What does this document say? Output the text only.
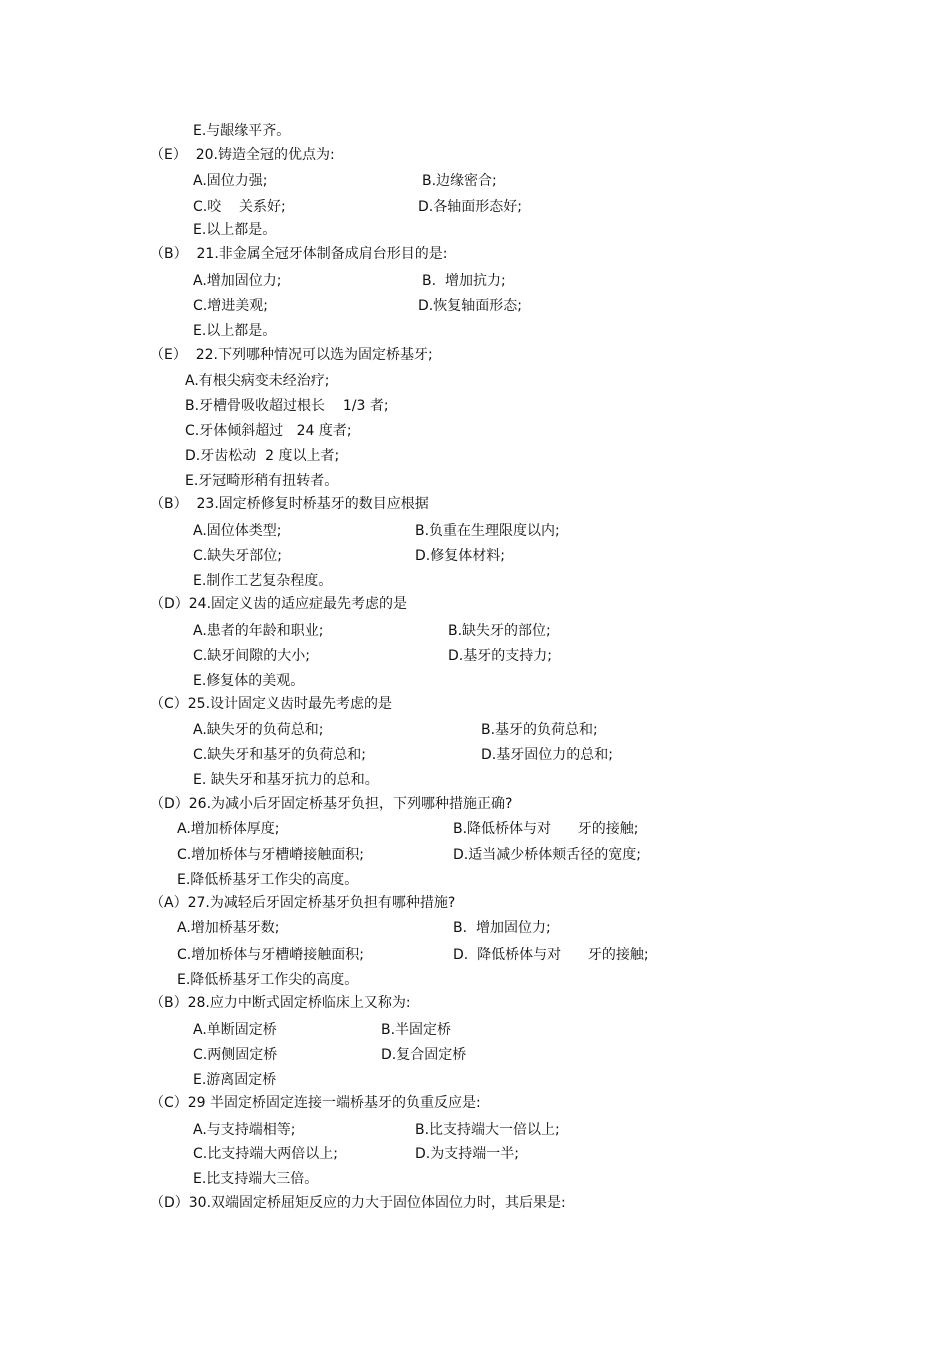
E.与龈缘平齐。

（E）  20.铸造全冠的优点为:

A.固位力强;	B.边缘密合;

C.咬    关系好;	D.各轴面形态好;

E.以上都是。

（B）  21.非金属全冠牙体制备成肩台形目的是:

A.增加固位力;	B.  增加抗力;

C.增进美观;	D.恢复轴面形态;

E.以上都是。

（E）  22.下列哪种情况可以选为固定桥基牙;

A.有根尖病变未经治疗;

B.牙槽骨吸收超过根长    1/3 者;

C.牙体倾斜超过   24 度者;

D.牙齿松动  2 度以上者;

E.牙冠畸形稍有扭转者。

（B）  23.固定桥修复时桥基牙的数目应根据

A.固位体类型;	B.负重在生理限度以内;

C.缺失牙部位;	D.修复体材料;

E.制作工艺复杂程度。

（D）24.固定义齿的适应症最先考虑的是

A.患者的年龄和职业;	B.缺失牙的部位;

C.缺牙间隙的大小;	D.基牙的支持力;

E.修复体的美观。

（C）25.设计固定义齿时最先考虑的是

A.缺失牙的负荷总和;	B.基牙的负荷总和;

C.缺失牙和基牙的负荷总和;	D.基牙固位力的总和;

E. 缺失牙和基牙抗力的总和。

（D）26.为减小后牙固定桥基牙负担，下列哪种措施正确?

A.增加桥体厚度;	B.降低桥体与对      牙的接触;

C.增加桥体与牙槽嵴接触面积;	D.适当减少桥体颊舌径的宽度;

E.降低桥基牙工作尖的高度。

（A）27.为减轻后牙固定桥基牙负担有哪种措施?

A.增加桥基牙数;	B.  增加固位力;

C.增加桥体与牙槽嵴接触面积;	D.  降低桥体与对      牙的接触;

E.降低桥基牙工作尖的高度。

（B）28.应力中断式固定桥临床上又称为:

A.单断固定桥	B.半固定桥

C.两侧固定桥	D.复合固定桥

E.游离固定桥

（C）29 半固定桥固定连接一端桥基牙的负重反应是:

A.与支持端相等;	B.比支持端大一倍以上;

C.比支持端大两倍以上;	D.为支持端一半;

E.比支持端大三倍。

（D）30.双端固定桥屈矩反应的力大于固位体固位力时，其后果是:
